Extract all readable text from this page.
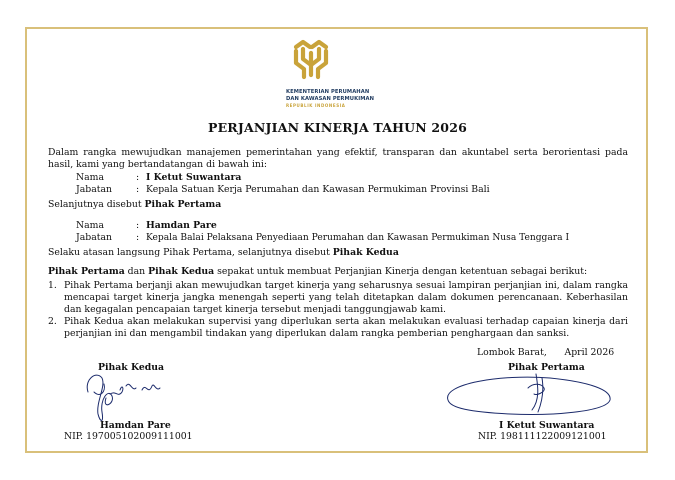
KEMENTERIAN PERUMAHAN
DAN KAWASAN PERMUKIMAN
REPUBLIK INDONESIA
PERJANJIAN KINERJA TAHUN 2026
Dalam rangka mewujudkan manajemen pemerintahan yang efektif, transparan dan akuntabel serta berorientasi pada hasil, kami yang bertandatangan di bawah ini:
Nama	: I Ketut Suwantara
Jabatan	: Kepala Satuan Kerja Perumahan dan Kawasan Permukiman Provinsi Bali
Selanjutnya disebut Pihak Pertama
Nama	: Hamdan Pare
Jabatan	: Kepala Balai Pelaksana Penyediaan Perumahan dan Kawasan Permukiman Nusa Tenggara I
Selaku atasan langsung Pihak Pertama, selanjutnya disebut Pihak Kedua
Pihak Pertama dan Pihak Kedua sepakat untuk membuat Perjanjian Kinerja dengan ketentuan sebagai berikut:
1. Pihak Pertama berjanji akan mewujudkan target kinerja yang seharusnya sesuai lampiran perjanjian ini, dalam rangka mencapai target kinerja jangka menengah seperti yang telah ditetapkan dalam dokumen perencanaan. Keberhasilan dan kegagalan pencapaian target kinerja tersebut menjadi tanggungjawab kami.
2. Pihak Kedua akan melakukan supervisi yang diperlukan serta akan melakukan evaluasi terhadap capaian kinerja dari perjanjian ini dan mengambil tindakan yang diperlukan dalam rangka pemberian penghargaan dan sanksi.
Lombok Barat,      April 2026
Pihak Kedua
Hamdan Pare
NIP. 197005102009111001
Pihak Pertama
I Ketut Suwantara
NIP. 198111122009121001
